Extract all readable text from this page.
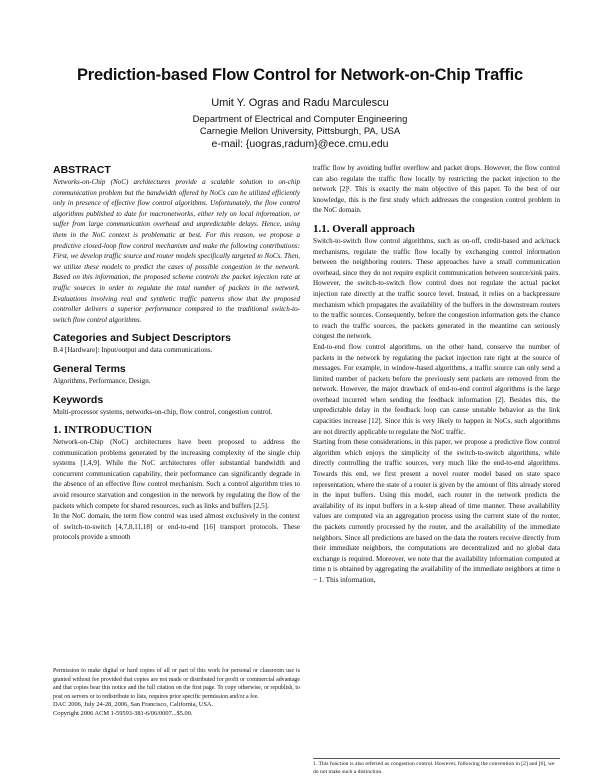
Prediction-based Flow Control for Network-on-Chip Traffic
Umit Y. Ogras and Radu Marculescu
Department of Electrical and Computer Engineering
Carnegie Mellon University, Pittsburgh, PA, USA
e-mail: {uogras,radum}@ece.cmu.edu
ABSTRACT

Networks-on-Chip (NoC) architectures provide a scalable solution to on-chip communication problem but the bandwidth offered by NoCs can be utilized efficiently only in presence of effective flow control algorithms. Unfortunately, the flow control algorithms published to date for macronetworks, either rely on local information, or suffer from large communication overhead and unpredictable delays. Hence, using them in the NoC context is problematic at best. For this reason, we propose a predictive closed-loop flow control mechanism and make the following contributions: First, we develop traffic source and router models specifically targeted to NoCs. Then, we utilize these models to predict the cases of possible congestion in the network. Based on this information, the proposed scheme controls the packet injection rate at traffic sources in order to regulate the total number of packets in the network. Evaluations involving real and synthetic traffic patterns show that the proposed controller delivers a superior performance compared to the traditional switch-to-switch flow control algorithms.

Categories and Subject Descriptors

B.4 [Hardware]: Input/output and data communications.

General Terms

Algorithms, Performance, Design.

Keywords

Multi-processor systems, networks-on-chip, flow control, congestion control.

1. INTRODUCTION

Network-on-Chip (NoC) architectures have been proposed to address the communication problems generated by the increasing complexity of the single chip systems [1,4,9]. While the NoC architectures offer substantial bandwidth and concurrent communication capability, their performance can significantly degrade in the absence of an effective flow control mechanism. Such a control algorithm tries to avoid resource starvation and congestion in the network by regulating the flow of the packets which compete for shared resources, such as links and buffers [2,5].

In the NoC domain, the term flow control was used almost exclusively in the context of switch-to-switch [4,7,8,11,18] or end-to-end [16] transport protocols. These protocols provide a smooth

Permission to make digital or hard copies of all or part of this work for personal or classroom use is granted without fee provided that copies are not made or distributed for profit or commercial advantage and that copies bear this notice and the full citation on the first page. To copy otherwise, or republish, to post on servers or to redistribute to lists, requires prior specific permission and/or a fee.

DAC 2006, July 24-28, 2006, San Francisco, California, USA.

Copyright 2006 ACM 1-59593-381-6/06/0007...$5.00.

traffic flow by avoiding buffer overflow and packet drops. However, the flow control can also regulate the traffic flow locally by restricting the packet injection to the network [2]¹. This is exactly the main objective of this paper. To the best of our knowledge, this is the first study which addresses the congestion control problem in the NoC domain.

1.1. Overall approach

Switch-to-switch flow control algorithms, such as on-off, credit-based and ack/nack mechanisms, regulate the traffic flow locally by exchanging control information between the neighboring routers. These approaches have a small communication overhead, since they do not require explicit communication between source/sink pairs. However, the switch-to-switch flow control does not regulate the actual packet injection rate directly at the traffic source level. Instead, it relies on a backpressure mechanism which propagates the availability of the buffers in the downstream routers to the traffic sources. Consequently, before the congestion information gets the chance to reach the traffic sources, the packets generated in the meantime can seriously congest the network.

End-to-end flow control algorithms, on the other hand, conserve the number of packets in the network by regulating the packet injection rate right at the source of messages. For example, in window-based algorithms, a traffic source can only send a limited number of packets before the previously sent packets are removed from the network. However, the major drawback of end-to-end control algorithms is the large overhead incurred when sending the feedback information [2]. Besides this, the unpredictable delay in the feedback loop can cause unstable behavior as the link capacities increase [12]. Since this is very likely to happen in NoCs, such algorithms are not directly applicable to regulate the NoC traffic.

Starting from these considerations, in this paper, we propose a predictive flow control algorithm which enjoys the simplicity of the switch-to-switch algorithms, while directly controlling the traffic sources, very much like the end-to-end algorithms. Towards this end, we first present a novel router model based on state space representation, where the state of a router is given by the amount of flits already stored in the input buffers. Using this model, each router in the network predicts the availability of its input buffers in a k-step ahead of time manner. These availability values are computed via an aggregation process using the current state of the router, the packets currently processed by the router, and the availability of the immediate neighbors. Since all predictions are based on the data the routers receive directly from their immediate neighbors, the computations are decentralized and no global data exchange is required. Moreover, we note that the availability information computed at time n is obtained by aggregating the availability of the immediate neighbors at time n − 1. This information,

1. This function is also referred as congestion control. However, following the convention in [2] and [6], we do not make such a distinction.
